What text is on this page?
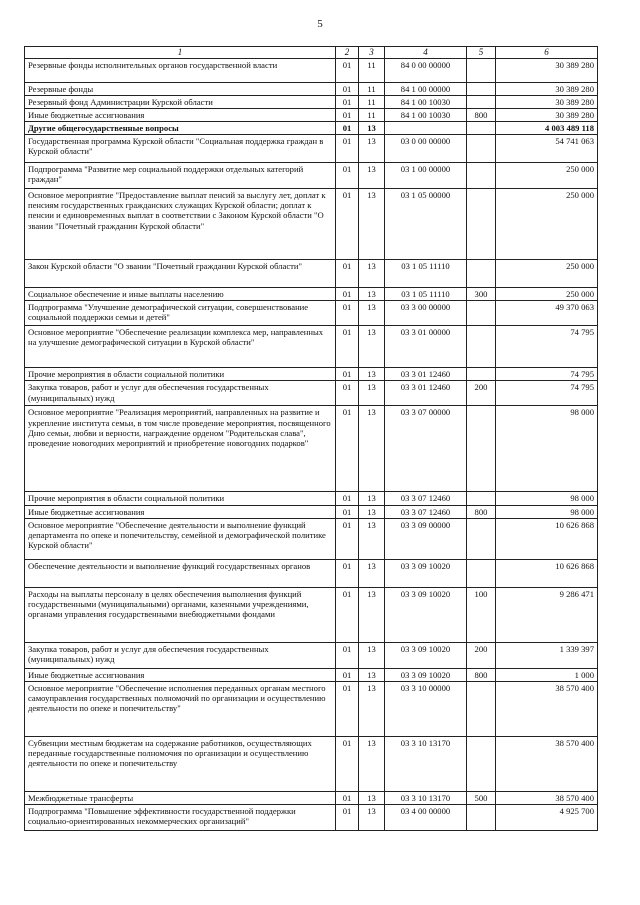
5
1	2	3	4	5	6
Резервные фонды исполнительных органов государственной власти	01	11	84 0 00 00000		30 389 280
Резервные фонды	01	11	84 1 00 00000		30 389 280
Резервный фонд Администрации Курской области	01	11	84 1 00 10030		30 389 280
Иные бюджетные ассигнования	01	11	84 1 00 10030	800	30 389 280
Другие общегосударственные вопросы	01	13			4 003 489 118
Государственная программа Курской области "Социальная поддержка граждан в Курской области"	01	13	03 0 00 00000		54 741 063
Подпрограмма "Развитие мер социальной поддержки отдельных категорий граждан"	01	13	03 1 00 00000		250 000
Основное мероприятие "Предоставление выплат пенсий за выслугу лет, доплат к пенсиям государственных гражданских служащих Курской области; доплат к пенсии и единовременных выплат в соответствии с Законом Курской области "О звании "Почетный гражданин Курской области"	01	13	03 1 05 00000		250 000
Закон Курской области "О звании "Почетный гражданин Курской области"	01	13	03 1 05 11110		250 000
Социальное обеспечение и иные выплаты населению	01	13	03 1 05 11110	300	250 000
Подпрограмма "Улучшение демографической ситуации, совершенствование социальной поддержки семьи и детей"	01	13	03 3 00 00000		49 370 063
Основное мероприятие "Обеспечение реализации комплекса мер, направленных на улучшение демографической ситуации в Курской области"	01	13	03 3 01 00000		74 795
Прочие мероприятия в области социальной политики	01	13	03 3 01 12460		74 795
Закупка товаров, работ и услуг для обеспечения государственных (муниципальных) нужд	01	13	03 3 01 12460	200	74 795
Основное мероприятие "Реализация мероприятий, направленных на развитие и укрепление института семьи, в том числе проведение мероприятия, посвященного Дню семьи, любви и верности, награждение орденом "Родительская слава", проведение новогодних мероприятий и приобретение новогодних подарков"	01	13	03 3 07 00000		98 000
Прочие мероприятия в области социальной политики	01	13	03 3 07 12460		98 000
Иные бюджетные ассигнования	01	13	03 3 07 12460	800	98 000
Основное мероприятие "Обеспечение деятельности и выполнение функций департамента по опеке и попечительству, семейной и демографической политике Курской области"	01	13	03 3 09 00000		10 626 868
Обеспечение деятельности и выполнение функций государственных органов	01	13	03 3 09 10020		10 626 868
Расходы на выплаты персоналу в целях обеспечения выполнения функций государственными (муниципальными) органами, казенными учреждениями, органами управления государственными внебюджетными фондами	01	13	03 3 09 10020	100	9 286 471
Закупка товаров, работ и услуг для обеспечения государственных (муниципальных) нужд	01	13	03 3 09 10020	200	1 339 397
Иные бюджетные ассигнования	01	13	03 3 09 10020	800	1 000
Основное мероприятие "Обеспечение исполнения переданных органам местного самоуправления государственных полномочий по организации и осуществлению деятельности по опеке и попечительству"	01	13	03 3 10 00000		38 570 400
Субвенции местным бюджетам на содержание работников, осуществляющих переданные государственные полномочия по организации и осуществлению деятельности по опеке и попечительству	01	13	03 3 10 13170		38 570 400
Межбюджетные трансферты	01	13	03 3 10 13170	500	38 570 400
Подпрограмма "Повышение эффективности государственной поддержки социально-ориентированных некоммерческих организаций"	01	13	03 4 00 00000		4 925 700
